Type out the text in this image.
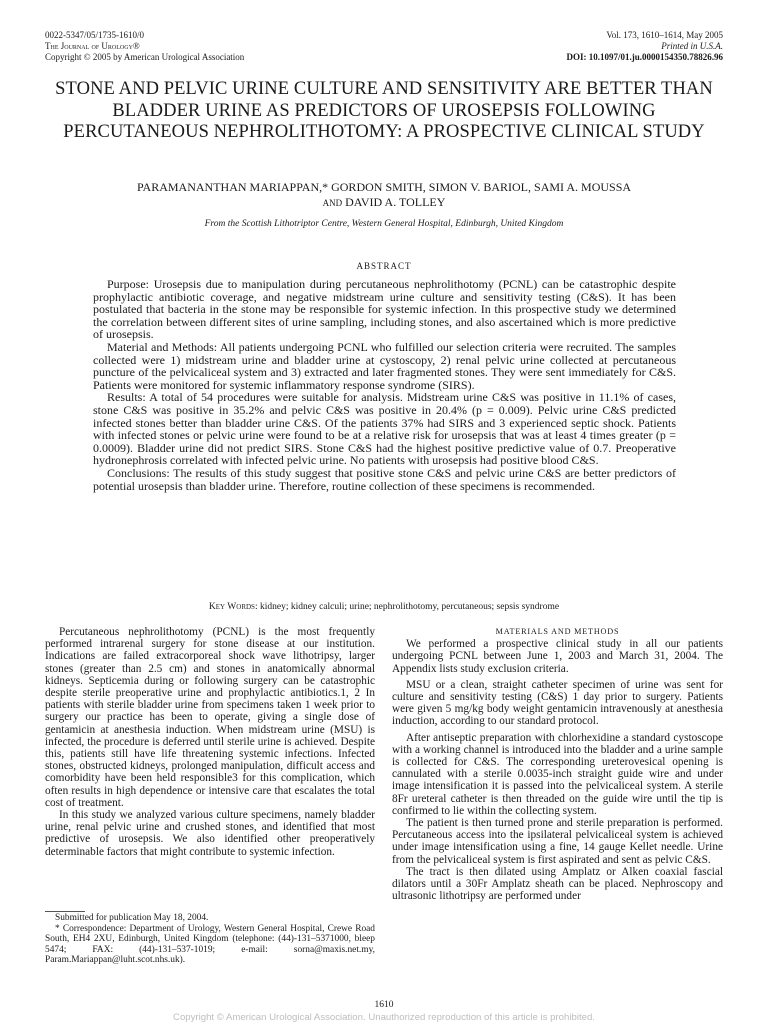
0022-5347/05/1735-1610/0
The Journal of Urology®
Copyright © 2005 by American Urological Association
Vol. 173, 1610–1614, May 2005
Printed in U.S.A.
DOI: 10.1097/01.ju.0000154350.78826.96
STONE AND PELVIC URINE CULTURE AND SENSITIVITY ARE BETTER THAN BLADDER URINE AS PREDICTORS OF UROSEPSIS FOLLOWING PERCUTANEOUS NEPHROLITHOTOMY: A PROSPECTIVE CLINICAL STUDY
PARAMANANTHAN MARIAPPAN,* GORDON SMITH, SIMON V. BARIOL, SAMI A. MOUSSA
AND DAVID A. TOLLEY
From the Scottish Lithotriptor Centre, Western General Hospital, Edinburgh, United Kingdom
ABSTRACT

Purpose: Urosepsis due to manipulation during percutaneous nephrolithotomy (PCNL) can be catastrophic despite prophylactic antibiotic coverage, and negative midstream urine culture and sensitivity testing (C&S). It has been postulated that bacteria in the stone may be responsible for systemic infection. In this prospective study we determined the correlation between different sites of urine sampling, including stones, and also ascertained which is more predictive of urosepsis.

Material and Methods: All patients undergoing PCNL who fulfilled our selection criteria were recruited. The samples collected were 1) midstream urine and bladder urine at cystoscopy, 2) renal pelvic urine collected at percutaneous puncture of the pelvicaliceal system and 3) extracted and later fragmented stones. They were sent immediately for C&S. Patients were monitored for systemic inflammatory response syndrome (SIRS).

Results: A total of 54 procedures were suitable for analysis. Midstream urine C&S was positive in 11.1% of cases, stone C&S was positive in 35.2% and pelvic C&S was positive in 20.4% (p = 0.009). Pelvic urine C&S predicted infected stones better than bladder urine C&S. Of the patients 37% had SIRS and 3 experienced septic shock. Patients with infected stones or pelvic urine were found to be at a relative risk for urosepsis that was at least 4 times greater (p = 0.0009). Bladder urine did not predict SIRS. Stone C&S had the highest positive predictive value of 0.7. Preoperative hydronephrosis correlated with infected pelvic urine. No patients with urosepsis had positive blood C&S.

Conclusions: The results of this study suggest that positive stone C&S and pelvic urine C&S are better predictors of potential urosepsis than bladder urine. Therefore, routine collection of these specimens is recommended.

Key Words: kidney; kidney calculi; urine; nephrolithotomy, percutaneous; sepsis syndrome

Percutaneous nephrolithotomy (PCNL) is the most frequently performed intrarenal surgery for stone disease at our institution. Indications are failed extracorporeal shock wave lithotripsy, larger stones (greater than 2.5 cm) and stones in anatomically abnormal kidneys. Septicemia during or following surgery can be catastrophic despite sterile preoperative urine and prophylactic antibiotics.1, 2 In patients with sterile bladder urine from specimens taken 1 week prior to surgery our practice has been to operate, giving a single dose of gentamicin at anesthesia induction. When midstream urine (MSU) is infected, the procedure is deferred until sterile urine is achieved. Despite this, patients still have life threatening systemic infections. Infected stones, obstructed kidneys, prolonged manipulation, difficult access and comorbidity have been held responsible3 for this complication, which often results in high dependence or intensive care that escalates the total cost of treatment.

In this study we analyzed various culture specimens, namely bladder urine, renal pelvic urine and crushed stones, and identified that most predictive of urosepsis. We also identified other preoperatively determinable factors that might contribute to systemic infection.

Submitted for publication May 18, 2004.

* Correspondence: Department of Urology, Western General Hospital, Crewe Road South, EH4 2XU, Edinburgh, United Kingdom (telephone: (44)-131–5371000, bleep 5474; FAX: (44)-131–537-1019; e-mail: sorna@maxis.net.my, Param.Mariappan@luht.scot.nhs.uk).

MATERIALS AND METHODS

We performed a prospective clinical study in all our patients undergoing PCNL between June 1, 2003 and March 31, 2004. The Appendix lists study exclusion criteria.

MSU or a clean, straight catheter specimen of urine was sent for culture and sensitivity testing (C&S) 1 day prior to surgery. Patients were given 5 mg/kg body weight gentamicin intravenously at anesthesia induction, according to our standard protocol.

After antiseptic preparation with chlorhexidine a standard cystoscope with a working channel is introduced into the bladder and a urine sample is collected for C&S. The corresponding ureterovesical opening is cannulated with a sterile 0.0035-inch straight guide wire and under image intensification it is passed into the pelvicaliceal system. A sterile 8Fr ureteral catheter is then threaded on the guide wire until the tip is confirmed to lie within the collecting system.

The patient is then turned prone and sterile preparation is performed. Percutaneous access into the ipsilateral pelvicaliceal system is achieved under image intensification using a fine, 14 gauge Kellet needle. Urine from the pelvicaliceal system is first aspirated and sent as pelvic C&S.

The tract is then dilated using Amplatz or Alken coaxial fascial dilators until a 30Fr Amplatz sheath can be placed. Nephroscopy and ultrasonic lithotripsy are performed under

1610
Copyright © American Urological Association. Unauthorized reproduction of this article is prohibited.
